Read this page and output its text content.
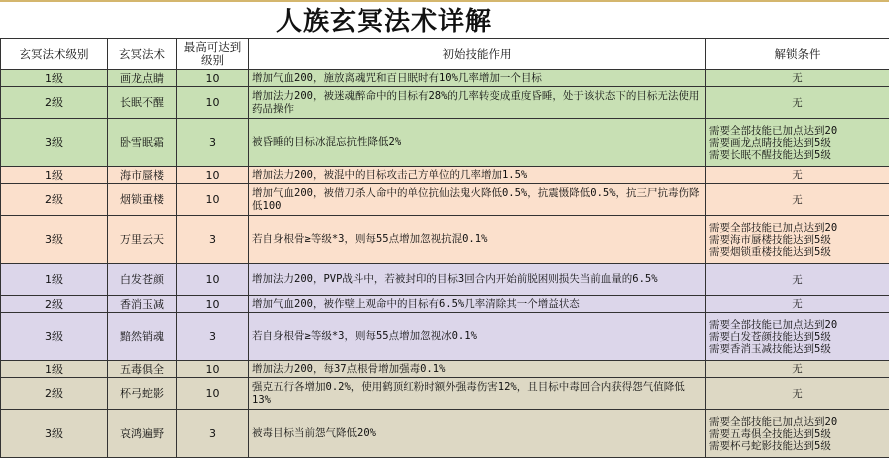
人族玄冥法术详解
玄冥法术级别	玄冥法术	最高可达到级别	初始技能作用	解锁条件
1级	画龙点睛	10	增加气血200，施放离魂咒和百日眠时有10%几率增加一个目标	无

2级	长眠不醒	10	增加法力200，被迷魂醉命中的目标有28%的几率转变成重度昏睡，处于该状态下的目标无法使用药品操作	无

3级	卧雪眠霜	3	被昏睡的目标冰混忘抗性降低2%	需要全部技能已加点达到20
需要画龙点睛技能达到5级
需要长眠不醒技能达到5级

1级	海市蜃楼	10	增加法力200，被混中的目标攻击己方单位的几率增加1.5%	无

2级	烟锁重楼	10	增加气血200，被借刀杀人命中的单位抗仙法鬼火降低0.5%，抗震慑降低0.5%，抗三尸抗毒伤降低100	无

3级	万里云天	3	若自身根骨≥等级*3，则每55点增加忽视抗混0.1%	需要全部技能已加点达到20
需要海市蜃楼技能达到5级
需要烟锁重楼技能达到5级

1级	白发苍颜	10	增加法力200，PVP战斗中，若被封印的目标3回合内开始前脱困则损失当前血量的6.5%	无

2级	香消玉减	10	增加气血200，被作壁上观命中的目标有6.5%几率清除其一个增益状态	无

3级	黯然销魂	3	若自身根骨≥等级*3，则每55点增加忽视冰0.1%	需要全部技能已加点达到20
需要白发苍颜技能达到5级
需要香消玉减技能达到5级

1级	五毒俱全	10	增加法力200，每37点根骨增加强毒0.1%	无

2级	杯弓蛇影	10	强克五行各增加0.2%，使用鹤顶红粉时额外强毒伤害12%，且目标中毒回合内获得怨气值降低13%	无

3级	哀鸿遍野	3	被毒目标当前怨气降低20%	需要全部技能已加点达到20
需要五毒俱全技能达到5级
需要杯弓蛇影技能达到5级
